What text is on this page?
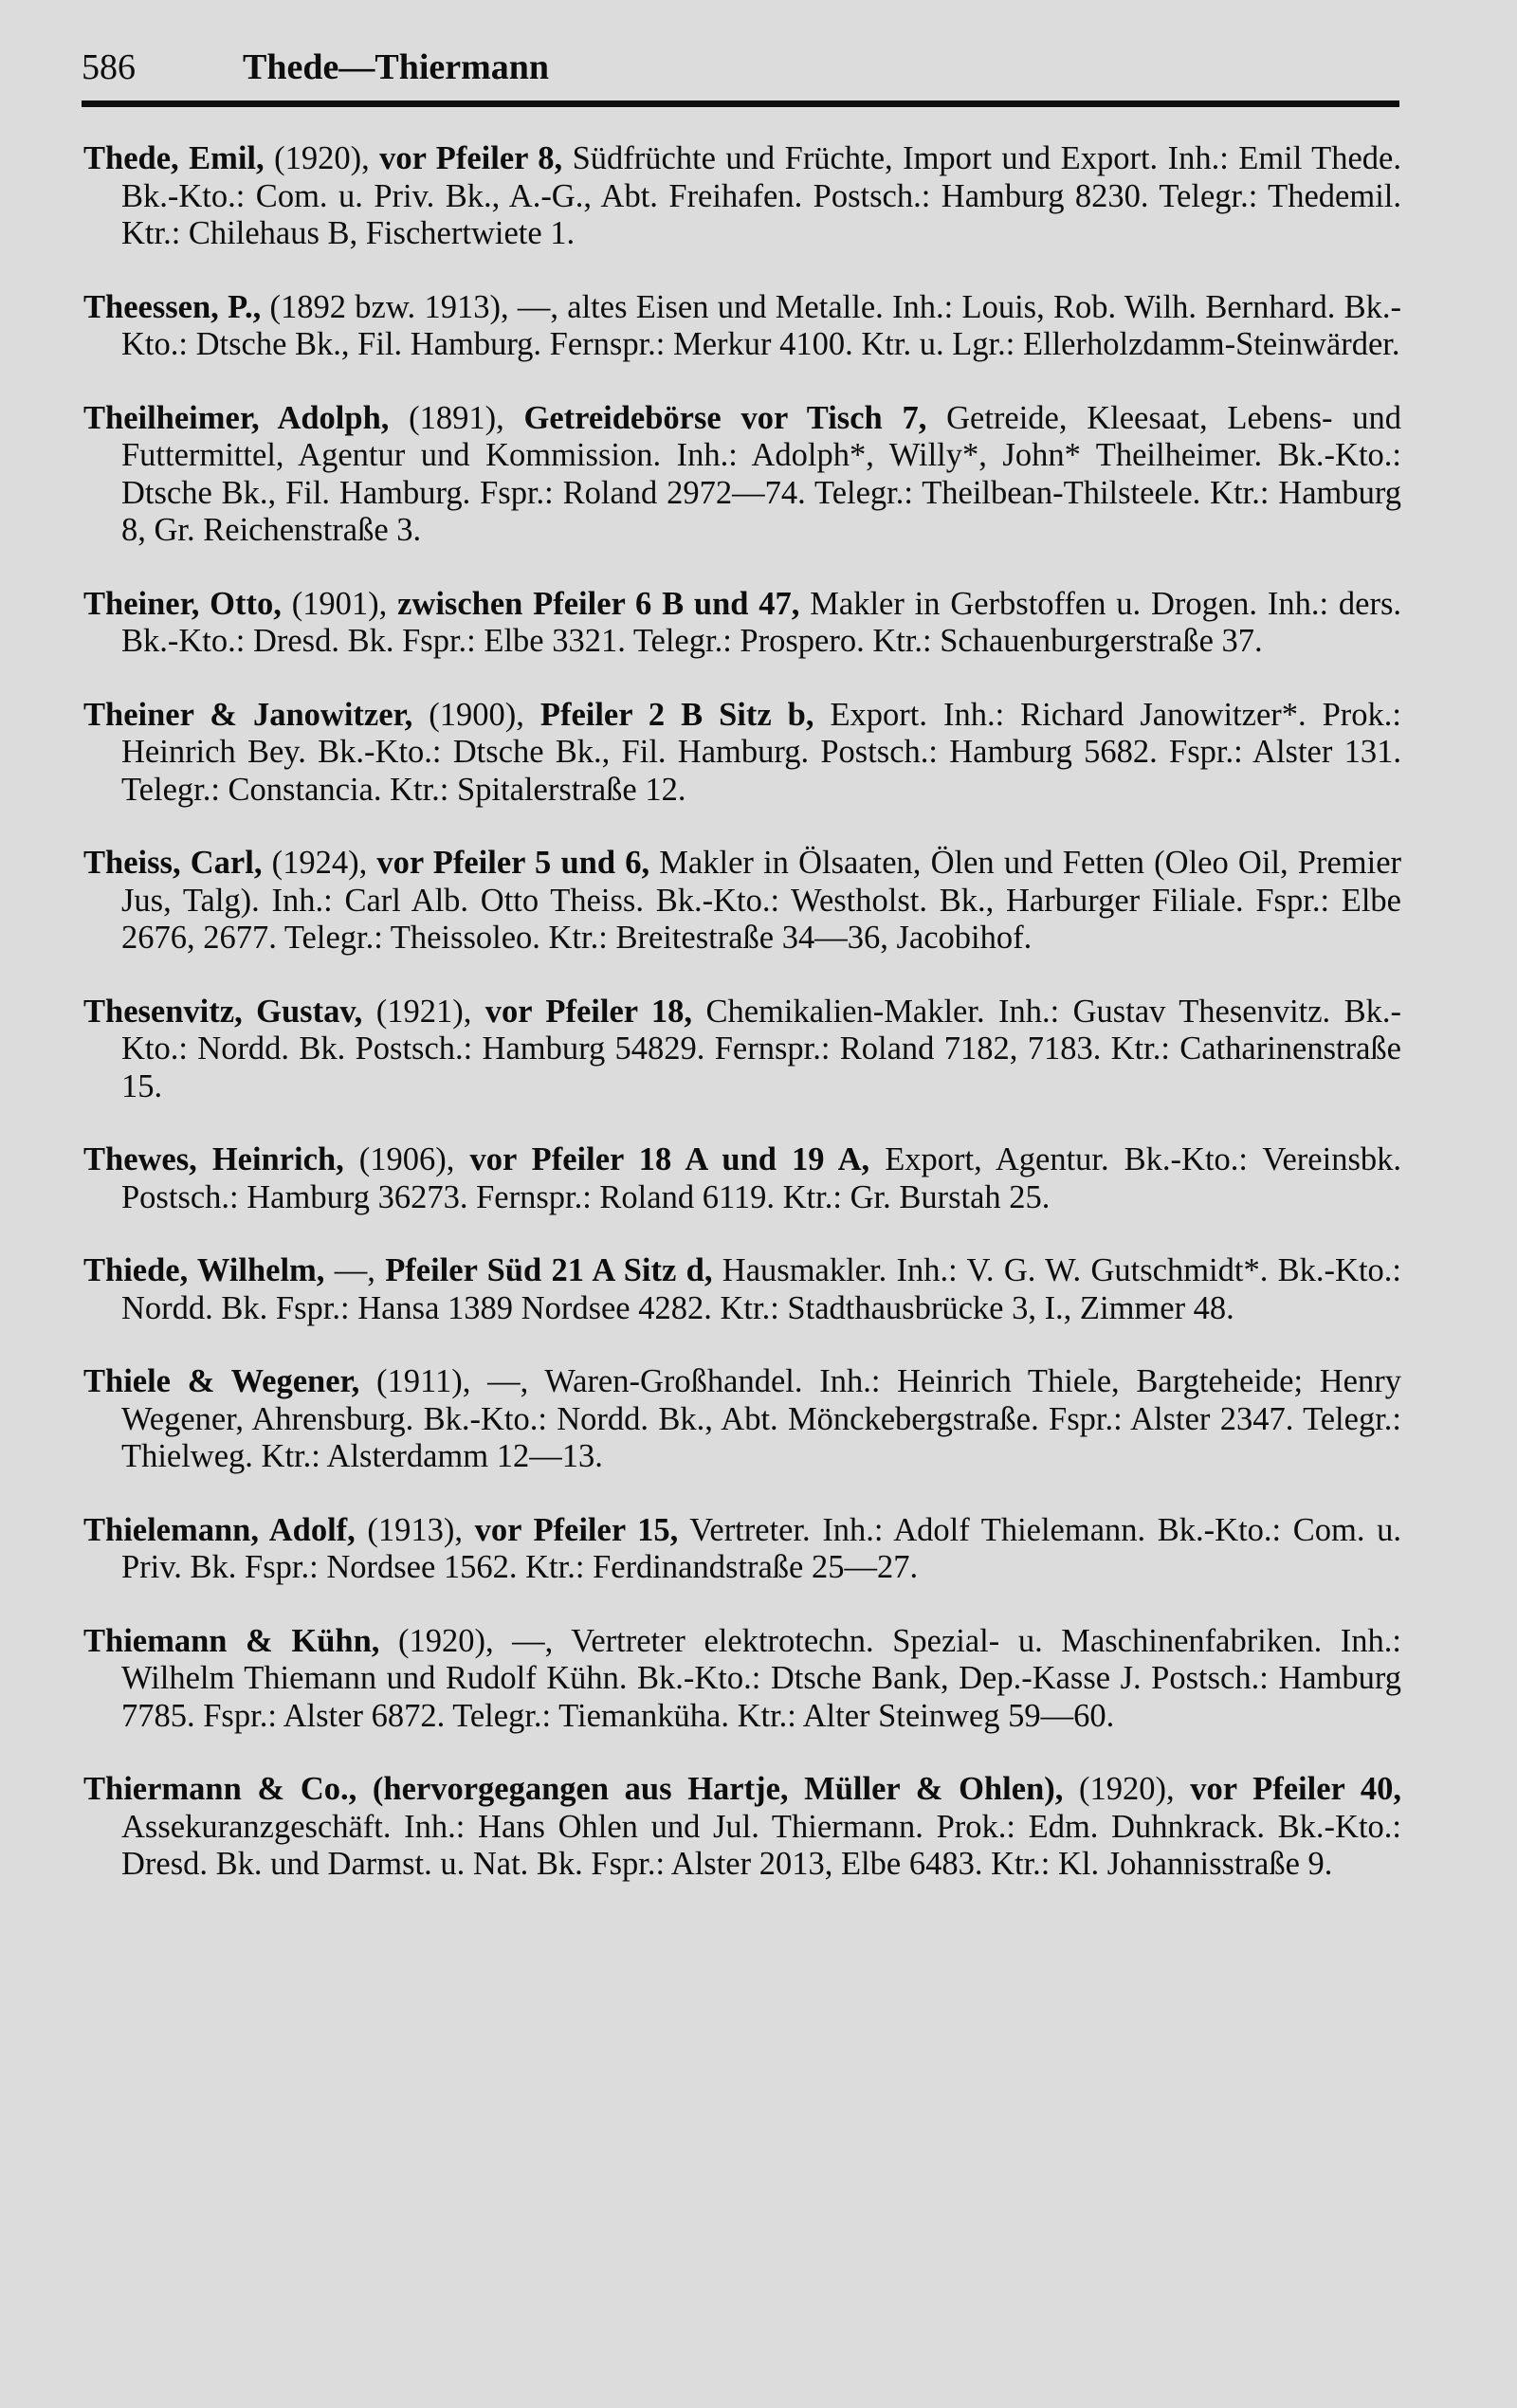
586	Thede—Thiermann

Thede, Emil, (1920), vor Pfeiler 8, Südfrüchte und Früchte, Import und Export. Inh.: Emil Thede. Bk.-Kto.: Com. u. Priv. Bk., A.-G., Abt. Freihafen. Postsch.: Hamburg 8230. Telegr.: Thedemil. Ktr.: Chilehaus B, Fischertwiete 1.

Theessen, P., (1892 bzw. 1913), —, altes Eisen und Metalle. Inh.: Louis, Rob. Wilh. Bernhard. Bk.-Kto.: Dtsche Bk., Fil. Hamburg. Fernspr.: Merkur 4100. Ktr. u. Lgr.: Ellerholzdamm-Steinwärder.

Theilheimer, Adolph, (1891), Getreidebörse vor Tisch 7, Getreide, Kleesaat, Lebens- und Futtermittel, Agentur und Kommission. Inh.: Adolph*, Willy*, John* Theilheimer. Bk.-Kto.: Dtsche Bk., Fil. Hamburg. Fspr.: Roland 2972—74. Telegr.: Theilbean-Thilsteele. Ktr.: Hamburg 8, Gr. Reichenstraße 3.

Theiner, Otto, (1901), zwischen Pfeiler 6 B und 47, Makler in Gerbstoffen u. Drogen. Inh.: ders. Bk.-Kto.: Dresd. Bk. Fspr.: Elbe 3321. Telegr.: Prospero. Ktr.: Schauenburgerstraße 37.

Theiner & Janowitzer, (1900), Pfeiler 2 B Sitz b, Export. Inh.: Richard Janowitzer*. Prok.: Heinrich Bey. Bk.-Kto.: Dtsche Bk., Fil. Hamburg. Postsch.: Hamburg 5682. Fspr.: Alster 131. Telegr.: Constancia. Ktr.: Spitalerstraße 12.

Theiss, Carl, (1924), vor Pfeiler 5 und 6, Makler in Ölsaaten, Ölen und Fetten (Oleo Oil, Premier Jus, Talg). Inh.: Carl Alb. Otto Theiss. Bk.-Kto.: Westholst. Bk., Harburger Filiale. Fspr.: Elbe 2676, 2677. Telegr.: Theissoleo. Ktr.: Breitestraße 34—36, Jacobihof.

Thesenvitz, Gustav, (1921), vor Pfeiler 18, Chemikalien-Makler. Inh.: Gustav Thesenvitz. Bk.-Kto.: Nordd. Bk. Postsch.: Hamburg 54829. Fernspr.: Roland 7182, 7183. Ktr.: Catharinenstraße 15.

Thewes, Heinrich, (1906), vor Pfeiler 18 A und 19 A, Export, Agentur. Bk.-Kto.: Vereinsbk. Postsch.: Hamburg 36273. Fernspr.: Roland 6119. Ktr.: Gr. Burstah 25.

Thiede, Wilhelm, —, Pfeiler Süd 21 A Sitz d, Hausmakler. Inh.: V. G. W. Gutschmidt*. Bk.-Kto.: Nordd. Bk. Fspr.: Hansa 1389 Nordsee 4282. Ktr.: Stadthausbrücke 3, I., Zimmer 48.

Thiele & Wegener, (1911), —, Waren-Großhandel. Inh.: Heinrich Thiele, Bargteheide; Henry Wegener, Ahrensburg. Bk.-Kto.: Nordd. Bk., Abt. Mönckebergstraße. Fspr.: Alster 2347. Telegr.: Thielweg. Ktr.: Alsterdamm 12—13.

Thielemann, Adolf, (1913), vor Pfeiler 15, Vertreter. Inh.: Adolf Thielemann. Bk.-Kto.: Com. u. Priv. Bk. Fspr.: Nordsee 1562. Ktr.: Ferdinandstraße 25—27.

Thiemann & Kühn, (1920), —, Vertreter elektrotechn. Spezial- u. Maschinenfabriken. Inh.: Wilhelm Thiemann und Rudolf Kühn. Bk.-Kto.: Dtsche Bank, Dep.-Kasse J. Postsch.: Hamburg 7785. Fspr.: Alster 6872. Telegr.: Tiemanküha. Ktr.: Alter Steinweg 59—60.

Thiermann & Co., (hervorgegangen aus Hartje, Müller & Ohlen), (1920), vor Pfeiler 40, Assekuranzgeschäft. Inh.: Hans Ohlen und Jul. Thiermann. Prok.: Edm. Duhnkrack. Bk.-Kto.: Dresd. Bk. und Darmst. u. Nat. Bk. Fspr.: Alster 2013, Elbe 6483. Ktr.: Kl. Johannisstraße 9.
